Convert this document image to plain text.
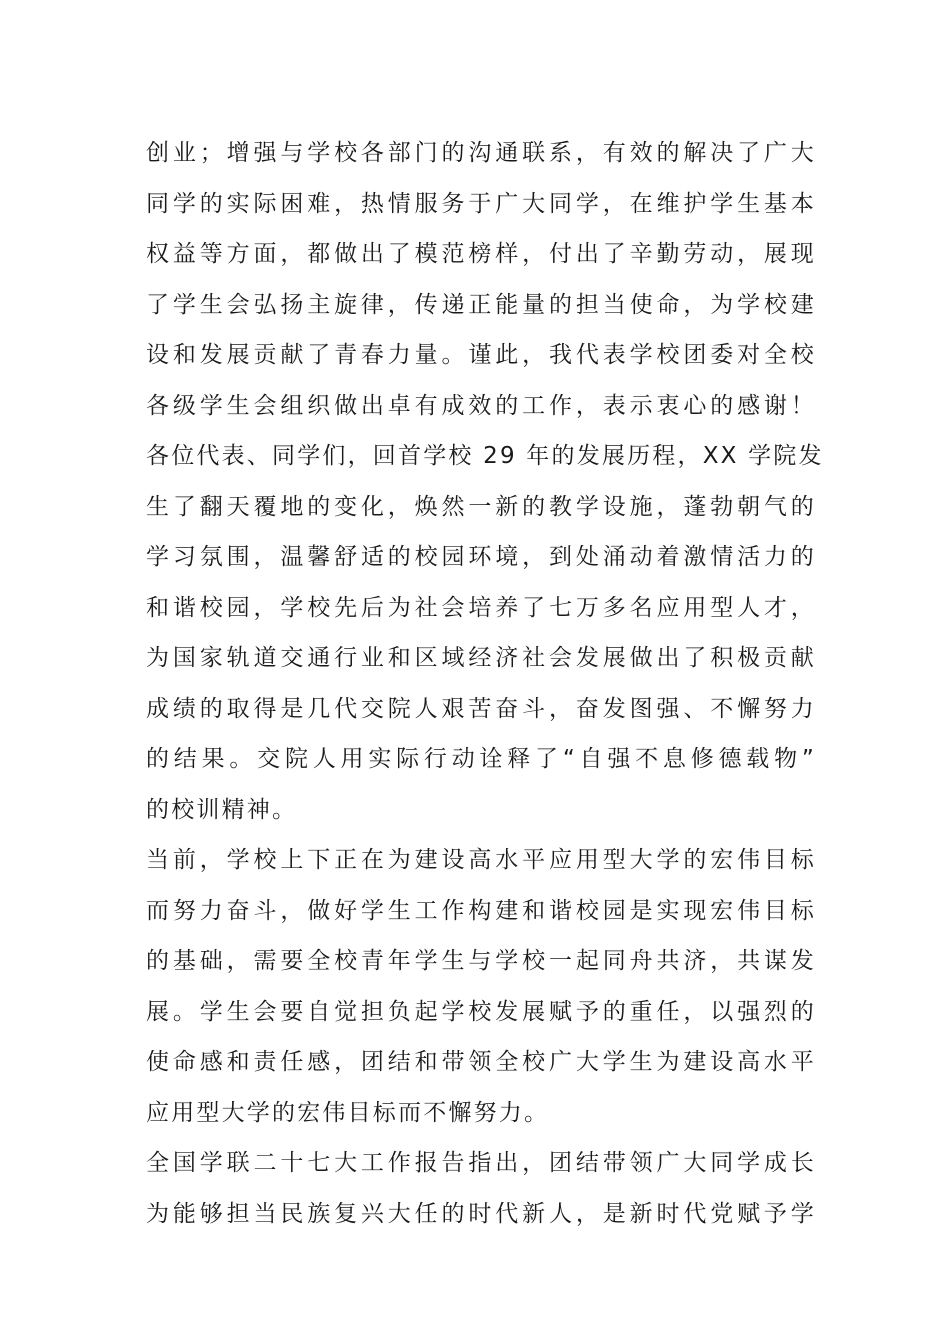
创业；增强与学校各部门的沟通联系，有效的解决了广大
同学的实际困难，热情服务于广大同学，在维护学生基本
权益等方面，都做出了模范榜样，付出了辛勤劳动，展现
了学生会弘扬主旋律，传递正能量的担当使命，为学校建
设和发展贡献了青春力量。谨此，我代表学校团委对全校
各级学生会组织做出卓有成效的工作，表示衷心的感谢！
各位代表、同学们，回首学校 29 年的发展历程，XX 学院发
生了翻天覆地的变化，焕然一新的教学设施，蓬勃朝气的
学习氛围，温馨舒适的校园环境，到处涌动着激情活力的
和谐校园，学校先后为社会培养了七万多名应用型人才，
为国家轨道交通行业和区域经济社会发展做出了积极贡献
成绩的取得是几代交院人艰苦奋斗，奋发图强、不懈努力
的结果。交院人用实际行动诠释了“自强不息修德载物”
的校训精神。
当前，学校上下正在为建设高水平应用型大学的宏伟目标
而努力奋斗，做好学生工作构建和谐校园是实现宏伟目标
的基础，需要全校青年学生与学校一起同舟共济，共谋发
展。学生会要自觉担负起学校发展赋予的重任，以强烈的
使命感和责任感，团结和带领全校广大学生为建设高水平
应用型大学的宏伟目标而不懈努力。
全国学联二十七大工作报告指出，团结带领广大同学成长
为能够担当民族复兴大任的时代新人，是新时代党赋予学
